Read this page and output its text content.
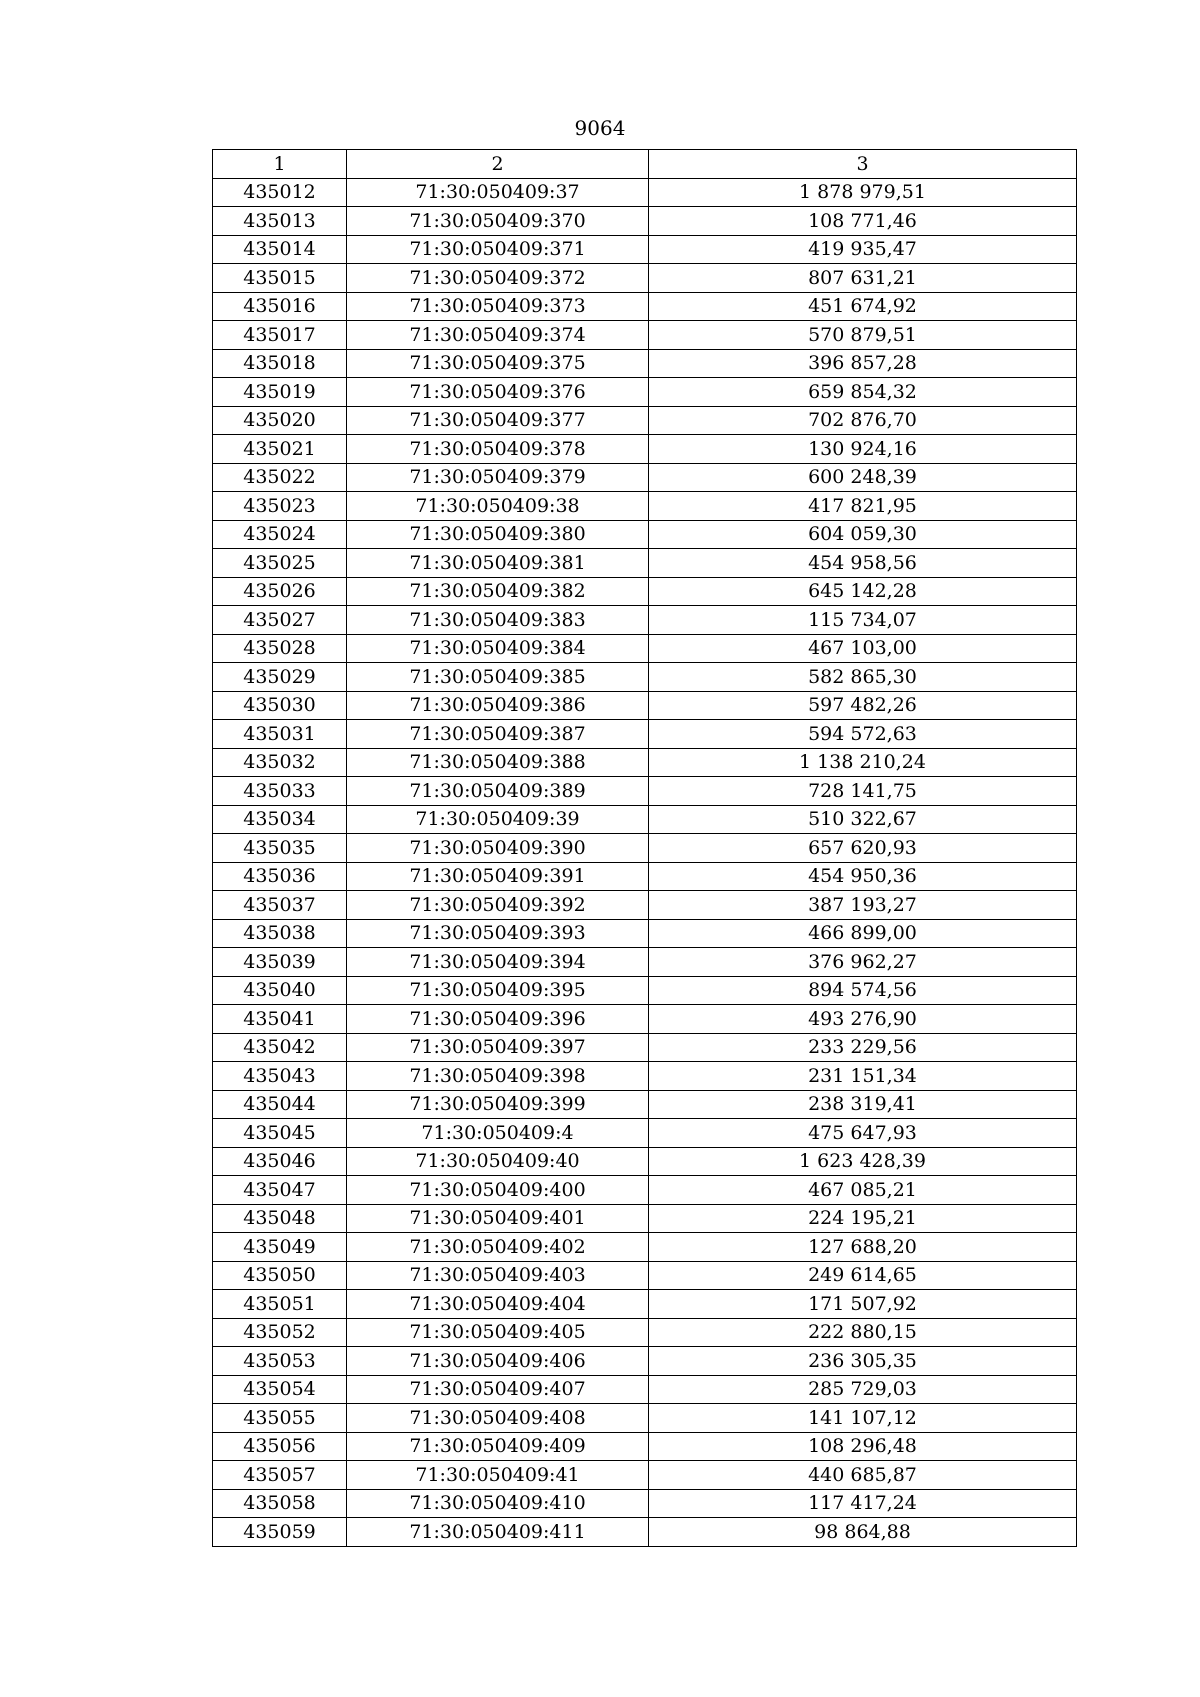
9064
1	2	3
435012	71:30:050409:37	1 878 979,51
435013	71:30:050409:370	108 771,46
435014	71:30:050409:371	419 935,47
435015	71:30:050409:372	807 631,21
435016	71:30:050409:373	451 674,92
435017	71:30:050409:374	570 879,51
435018	71:30:050409:375	396 857,28
435019	71:30:050409:376	659 854,32
435020	71:30:050409:377	702 876,70
435021	71:30:050409:378	130 924,16
435022	71:30:050409:379	600 248,39
435023	71:30:050409:38	417 821,95
435024	71:30:050409:380	604 059,30
435025	71:30:050409:381	454 958,56
435026	71:30:050409:382	645 142,28
435027	71:30:050409:383	115 734,07
435028	71:30:050409:384	467 103,00
435029	71:30:050409:385	582 865,30
435030	71:30:050409:386	597 482,26
435031	71:30:050409:387	594 572,63
435032	71:30:050409:388	1 138 210,24
435033	71:30:050409:389	728 141,75
435034	71:30:050409:39	510 322,67
435035	71:30:050409:390	657 620,93
435036	71:30:050409:391	454 950,36
435037	71:30:050409:392	387 193,27
435038	71:30:050409:393	466 899,00
435039	71:30:050409:394	376 962,27
435040	71:30:050409:395	894 574,56
435041	71:30:050409:396	493 276,90
435042	71:30:050409:397	233 229,56
435043	71:30:050409:398	231 151,34
435044	71:30:050409:399	238 319,41
435045	71:30:050409:4	475 647,93
435046	71:30:050409:40	1 623 428,39
435047	71:30:050409:400	467 085,21
435048	71:30:050409:401	224 195,21
435049	71:30:050409:402	127 688,20
435050	71:30:050409:403	249 614,65
435051	71:30:050409:404	171 507,92
435052	71:30:050409:405	222 880,15
435053	71:30:050409:406	236 305,35
435054	71:30:050409:407	285 729,03
435055	71:30:050409:408	141 107,12
435056	71:30:050409:409	108 296,48
435057	71:30:050409:41	440 685,87
435058	71:30:050409:410	117 417,24
435059	71:30:050409:411	98 864,88
